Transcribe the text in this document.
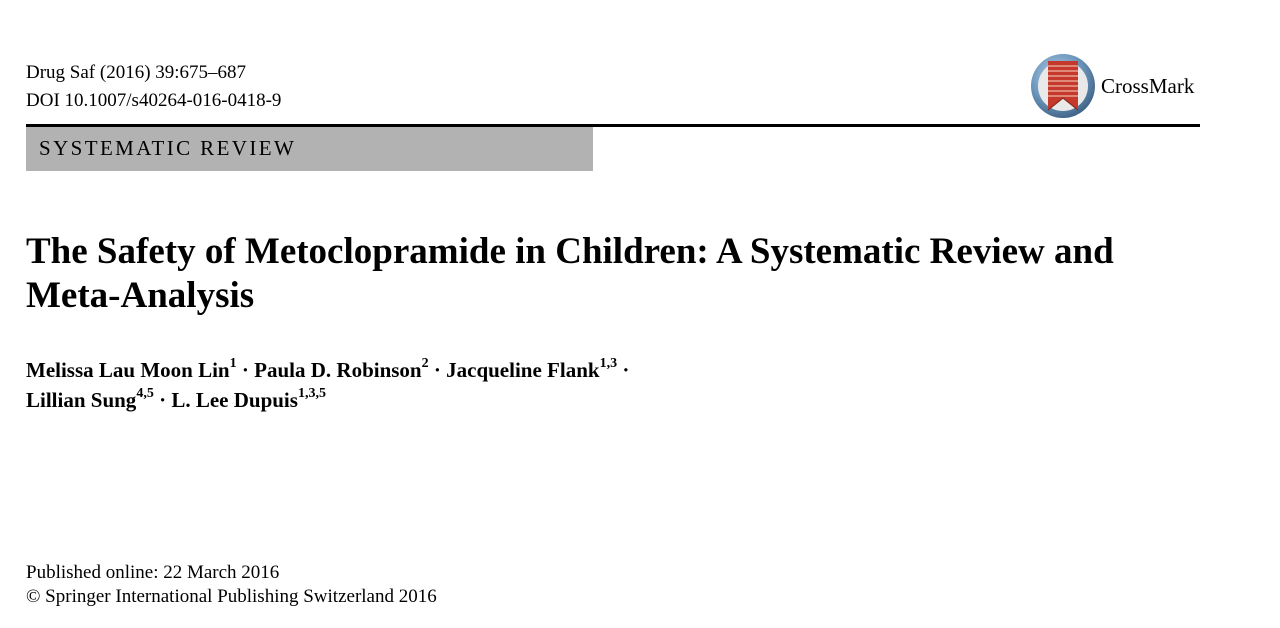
Drug Saf (2016) 39:675–687
DOI 10.1007/s40264-016-0418-9
CrossMark
SYSTEMATIC REVIEW
The Safety of Metoclopramide in Children: A Systematic Review and Meta-Analysis
Melissa Lau Moon Lin$^1$ · Paula D. Robinson$^2$ · Jacqueline Flank$^{1,3}$ ·
Lillian Sung$^{4,5}$ · L. Lee Dupuis$^{1,3,5}$
Published online: 22 March 2016
© Springer International Publishing Switzerland 2016
